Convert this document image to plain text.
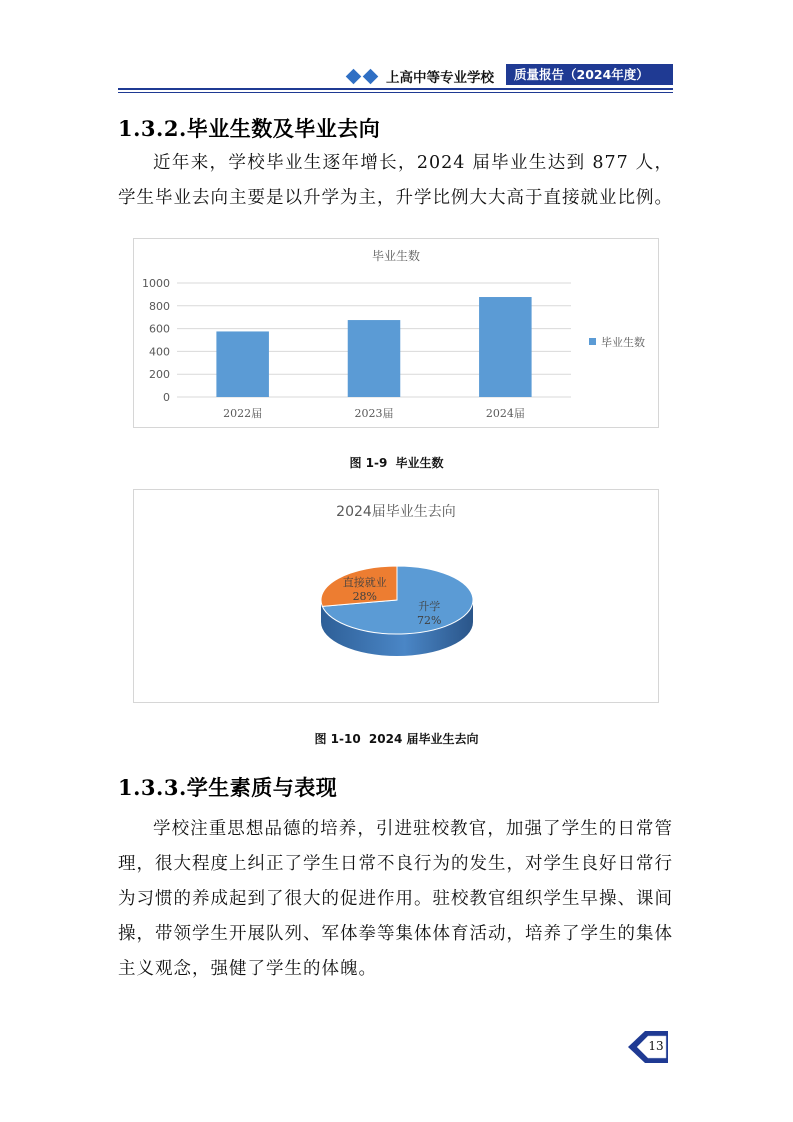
上高中等专业学校	质量报告（2024年度）
1.3.2.毕业生数及毕业去向
近年来，学校毕业生逐年增长，2024 届毕业生达到 877 人，学生毕业去向主要是以升学为主，升学比例大大高于直接就业比例。
毕业生数
0
200
400
600
800
1000
2022届	2023届	2024届
毕业生数
图 1-9 毕业生数
2024届毕业生去向
升学
72%
直接就业
28%
图 1-10 2024 届毕业生去向
1.3.3.学生素质与表现
学校注重思想品德的培养，引进驻校教官，加强了学生的日常管理，很大程度上纠正了学生日常不良行为的发生，对学生良好日常行为习惯的养成起到了很大的促进作用。驻校教官组织学生早操、课间操，带领学生开展队列、军体拳等集体体育活动，培养了学生的集体主义观念，强健了学生的体魄。
13
